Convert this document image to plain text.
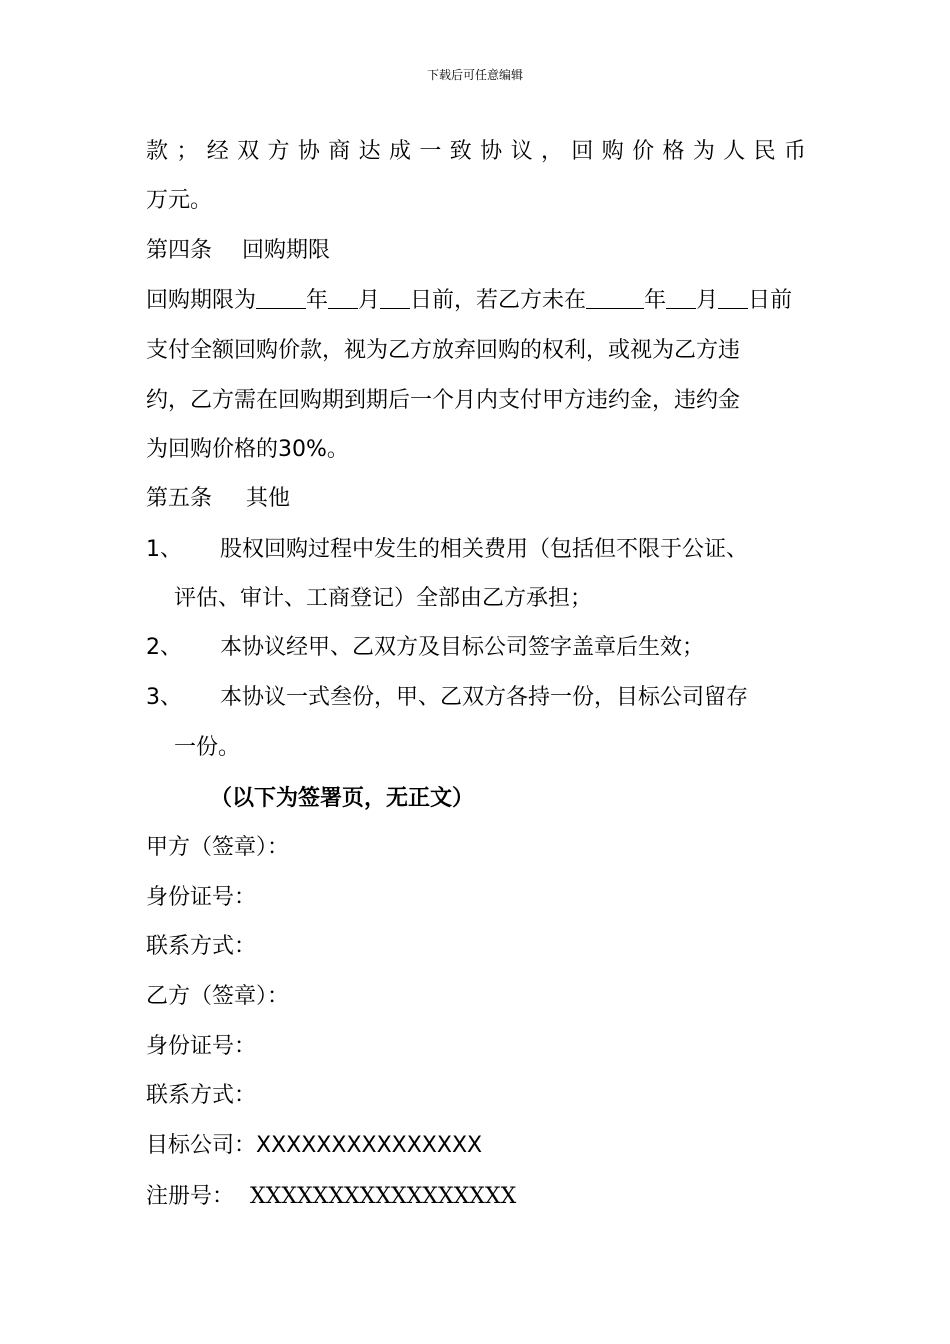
下载后可任意编辑
款；经双方协商达成一致协议，回购价格为人民币
万元。
第四条 回购期限
回购期限为 年 月 日前，若乙方未在	年 月 日前
支付全额回购价款，视为乙方放弃回购的权利，或视为乙方违
约，乙方需在回购期到期后一个月内支付甲方违约金，违约金
为回购价格的30%。
第五条 其他
1、 股权回购过程中发生的相关费用（包括但不限于公证、
评估、审计、工商登记）全部由乙方承担；
2、 本协议经甲、乙双方及目标公司签字盖章后生效；
3、 本协议一式叁份，甲、乙双方各持一份，目标公司留存
一份。
（以下为签署页，无正文）
甲方（签章）：
身份证号：
联系方式：
乙方（签章）：
身份证号：
联系方式：
目标公司：XXXXXXXXXXXXXXX
注册号： XXXXXXXXXXXXXXXXX
